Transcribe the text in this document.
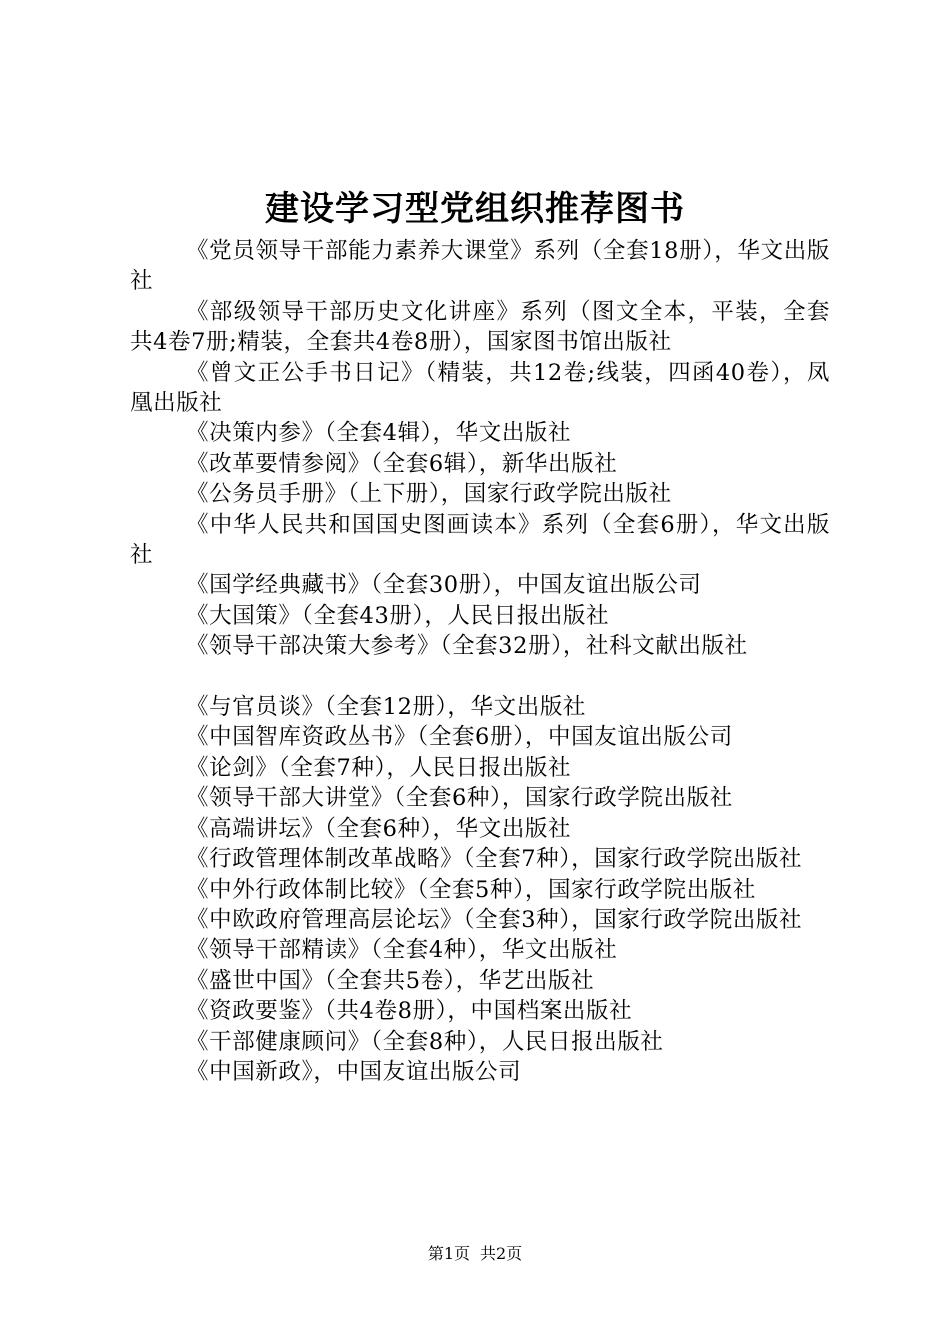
建设学习型党组织推荐图书

《党员领导干部能力素养大课堂》系列（全套18册），华文出版社

《部级领导干部历史文化讲座》系列（图文全本，平装，全套共4卷7册;精装，全套共4卷8册），国家图书馆出版社

《曾文正公手书日记》（精装，共12卷;线装，四函40卷），凤凰出版社

《决策内参》（全套4辑），华文出版社

《改革要情参阅》（全套6辑），新华出版社

《公务员手册》（上下册），国家行政学院出版社

《中华人民共和国国史图画读本》系列（全套6册），华文出版社

《国学经典藏书》（全套30册），中国友谊出版公司

《大国策》（全套43册），人民日报出版社

《领导干部决策大参考》（全套32册），社科文献出版社

《与官员谈》（全套12册），华文出版社

《中国智库资政丛书》（全套6册），中国友谊出版公司

《论剑》（全套7种），人民日报出版社

《领导干部大讲堂》（全套6种），国家行政学院出版社

《高端讲坛》（全套6种），华文出版社

《行政管理体制改革战略》（全套7种），国家行政学院出版社

《中外行政体制比较》（全套5种），国家行政学院出版社

《中欧政府管理高层论坛》（全套3种），国家行政学院出版社

《领导干部精读》（全套4种），华文出版社

《盛世中国》（全套共5卷），华艺出版社

《资政要鉴》（共4卷8册），中国档案出版社

《干部健康顾问》（全套8种），人民日报出版社

《中国新政》，中国友谊出版公司

第1页 共2页
